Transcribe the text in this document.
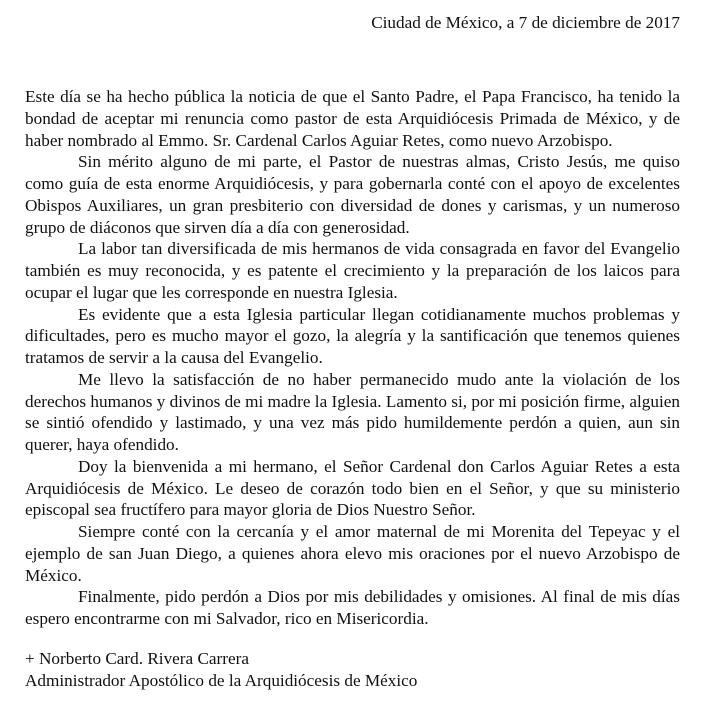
Ciudad de México, a 7 de diciembre de 2017

Este día se ha hecho pública la noticia de que el Santo Padre, el Papa Francisco, ha tenido la bondad de aceptar mi renuncia como pastor de esta Arquidiócesis Primada de México, y de haber nombrado al Emmo. Sr. Cardenal Carlos Aguiar Retes, como nuevo Arzobispo.

Sin mérito alguno de mi parte, el Pastor de nuestras almas, Cristo Jesús, me quiso como guía de esta enorme Arquidiócesis, y para gobernarla conté con el apoyo de excelentes Obispos Auxiliares, un gran presbiterio con diversidad de dones y carismas, y un numeroso grupo de diáconos que sirven día a día con generosidad.

La labor tan diversificada de mis hermanos de vida consagrada en favor del Evangelio también es muy reconocida, y es patente el crecimiento y la preparación de los laicos para ocupar el lugar que les corresponde en nuestra Iglesia.

Es evidente que a esta Iglesia particular llegan cotidianamente muchos problemas y dificultades, pero es mucho mayor el gozo, la alegría y la santificación que tenemos quienes tratamos de servir a la causa del Evangelio.

Me llevo la satisfacción de no haber permanecido mudo ante la violación de los derechos humanos y divinos de mi madre la Iglesia. Lamento si, por mi posición firme, alguien se sintió ofendido y lastimado, y una vez más pido humildemente perdón a quien, aun sin querer, haya ofendido.

Doy la bienvenida a mi hermano, el Señor Cardenal don Carlos Aguiar Retes a esta Arquidiócesis de México. Le deseo de corazón todo bien en el Señor, y que su ministerio episcopal sea fructífero para mayor gloria de Dios Nuestro Señor.

Siempre conté con la cercanía y el amor maternal de mi Morenita del Tepeyac y el ejemplo de san Juan Diego, a quienes ahora elevo mis oraciones por el nuevo Arzobispo de México.

Finalmente, pido perdón a Dios por mis debilidades y omisiones. Al final de mis días espero encontrarme con mi Salvador, rico en Misericordia.

+ Norberto Card. Rivera Carrera
Administrador Apostólico de la Arquidiócesis de México
